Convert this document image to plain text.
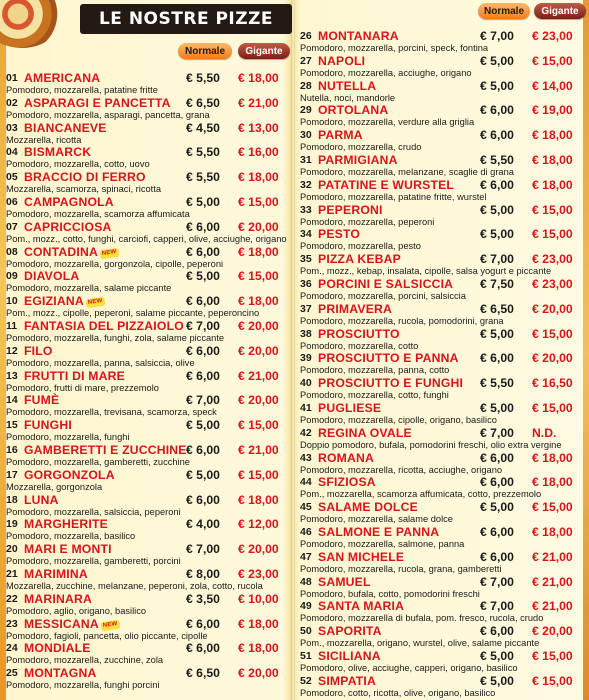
LE NOSTRE PIZZE
Normale	Gigante
Normale	Gigante
01 AMERICANA	€ 5,50 € 18,00
Pomodoro, mozzarella, patatine fritte
02 ASPARAGI E PANCETTA € 6,50 € 21,00
Pomodoro, mozzarella, asparagi, pancetta, grana
03 BIANCANEVE	€ 4,50 € 13,00
Mozzarella, ricotta
04 BISMARCK	€ 5,50 € 16,00
Pomodoro, mozzarella, cotto, uovo
05 BRACCIO DI FERRO	€ 5,50 € 18,00
Mozzarella, scamorza, spinaci, ricotta
06 CAMPAGNOLA	€ 5,00 € 15,00
Pomodoro, mozzarella, scamorza affumicata
07 CAPRICCIOSA	€ 6,00 € 20,00
Pom., mozz., cotto, funghi, carciofi, capperi, olive, acciughe, origano
08 CONTADINA NEW	€ 6,00 € 18,00
Pomodoro, mozzarella, gorgonzola, cipolle, peperoni
09 DIAVOLA	€ 5,00 € 15,00
Pomodoro, mozzarella, salame piccante
10 EGIZIANA NEW	€ 6,00 € 18,00
Pom., mozz., cipolle, peperoni, salame piccante, peperoncino
11 FANTASIA DEL PIZZAIOLO € 7,00 € 20,00
Pomodoro, mozzarella, funghi, zola, salame piccante
12 FILO	€ 6,00 € 20,00
Pomodoro, mozzarella, panna, salsiccia, olive
13 FRUTTI DI MARE	€ 6,00 € 21,00
Pomodoro, frutti di mare, prezzemolo
14 FUMÈ	€ 7,00 € 20,00
Pomodoro, mozzarella, trevisana, scamorza, speck
15 FUNGHI	€ 5,00 € 15,00
Pomodoro, mozzarella, funghi
16 GAMBERETTI E ZUCCHINE € 6,00 € 21,00
Pomodoro, mozzarella, gamberetti, zucchine
17 GORGONZOLA	€ 5,00 € 15,00
Mozzarella, gorgonzola
18 LUNA	€ 6,00 € 18,00
Pomodoro, mozzarella, salsiccia, peperoni
19 MARGHERITE	€ 4,00 € 12,00
Pomodoro, mozzarella, basilico
20 MARI E MONTI	€ 7,00 € 20,00
Pomodoro, mozzarella, gamberetti, porcini
21 MARIMINA	€ 8,00 € 23,00
Mozzarella, zucchine, melanzane, peperoni, zola, cotto, rucola
22 MARINARA	€ 3,50 € 10,00
Pomodoro, aglio, origano, basilico
23 MESSICANA NEW	€ 6,00 € 18,00
Pomodoro, fagioli, pancetta, olio piccante, cipolle
24 MONDIALE	€ 6,00 € 18,00
Pomodoro, mozzarella, zucchine, zola
25 MONTAGNA	€ 6,50 € 20,00
Pomodoro, mozzarella, funghi porcini
26 MONTANARA	€ 7,00 € 23,00
Pomodoro, mozzarella, porcini, speck, fontina
27 NAPOLI	€ 5,00 € 15,00
Pomodoro, mozzarella, acciughe, origano
28 NUTELLA	€ 5,00 € 14,00
Nutella, noci, mandorle
29 ORTOLANA	€ 6,00 € 19,00
Pomodoro, mozzarella, verdure alla griglia
30 PARMA	€ 6,00 € 18,00
Pomodoro, mozzarella, crudo
31 PARMIGIANA	€ 5,50 € 18,00
Pomodoro, mozzarella, melanzane, scaglie di grana
32 PATATINE E WURSTEL € 6,00 € 18,00
Pomodoro, mozzarella, patatine fritte, wurstel
33 PEPERONI	€ 5,00 € 15,00
Pomodoro, mozzarella, peperoni
34 PESTO	€ 5,00 € 15,00
Pomodoro, mozzarella, pesto
35 PIZZA KEBAP	€ 7,00 € 23,00
Pom., mozz., kebap, insalata, cipolle, salsa yogurt e piccante
36 PORCINI E SALSICCIA € 7,50 € 23,00
Pomodoro, mozzarella, porcini, salsiccia
37 PRIMAVERA	€ 6,50 € 20,00
Pomodoro, mozzarella, rucola, pomodorini, grana
38 PROSCIUTTO	€ 5,00 € 15,00
Pomodoro, mozzarella, cotto
39 PROSCIUTTO E PANNA € 6,00 € 20,00
Pomodoro, mozzarella, panna, cotto
40 PROSCIUTTO E FUNGHI € 5,50 € 16,50
Pomodoro, mozzarella, cotto, funghi
41 PUGLIESE	€ 5,00 € 15,00
Pomodoro, mozzarella, cipolle, origano, basilico
42 REGINA OVALE	€ 7,00 N.D.
Doppio pomodoro, bufala, pomodorini freschi, olio extra vergine
43 ROMANA	€ 6,00 € 18,00
Pomodoro, mozzarella, ricotta, acciughe, origano
44 SFIZIOSA	€ 6,00 € 18,00
Pom., mozzarella, scamorza affumicata, cotto, prezzemolo
45 SALAME DOLCE	€ 5,00 € 15,00
Pomodoro, mozzarella, salame dolce
46 SALMONE E PANNA	€ 6,00 € 18,00
Pomodoro, mozzarella, salmone, panna
47 SAN MICHELE	€ 6,00 € 21,00
Pomodoro, mozzarella, rucola, grana, gamberetti
48 SAMUEL	€ 7,00 € 21,00
Pomodoro, bufala, cotto, pomodorini freschi
49 SANTA MARIA	€ 7,00 € 21,00
Pomodoro, mozzarella di bufala, pom. fresco, rucola, crudo
50 SAPORITA	€ 6,00 € 20,00
Pom., mozzarella, origano, wurstel, olive, salame piccante
51 SICILIANA	€ 5,00 € 15,00
Pomodoro, olive, acciughe, capperi, origano, basilico
52 SIMPATIA	€ 5,00 € 15,00
Pomodoro, cotto, ricotta, olive, origano, basilico
